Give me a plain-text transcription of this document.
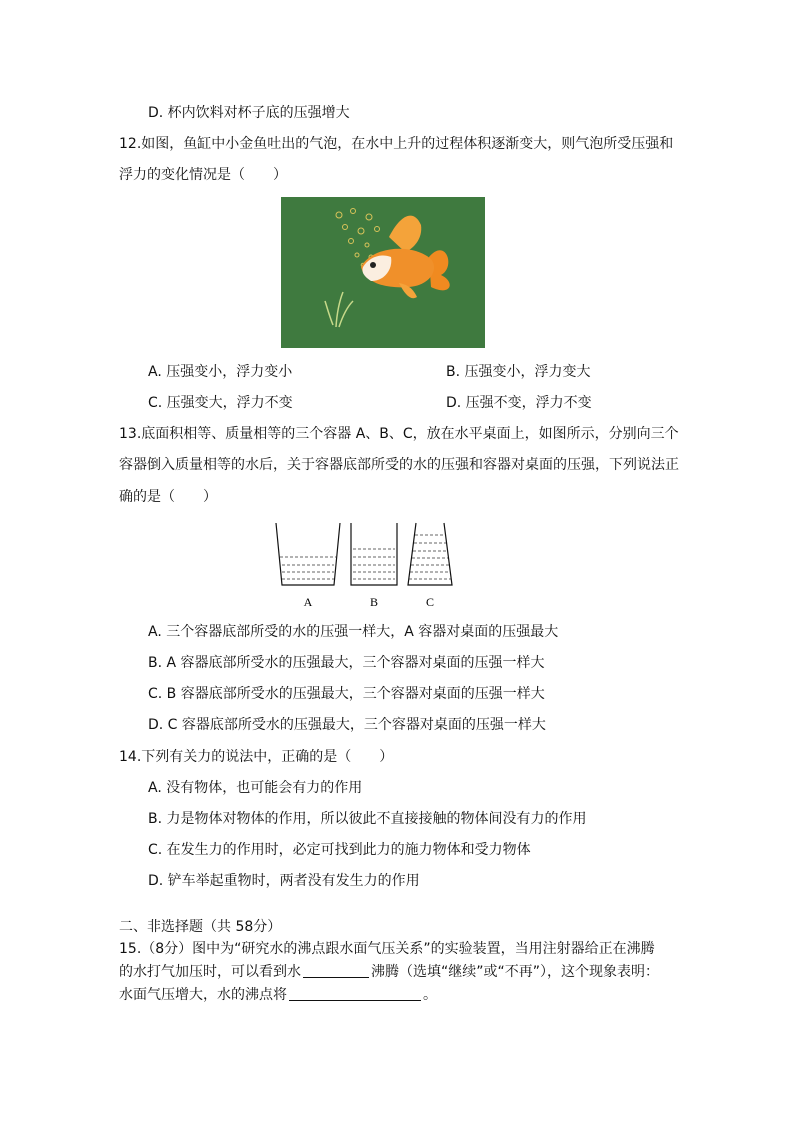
D. 杯内饮料对杯子底的压强增大
12.如图，鱼缸中小金鱼吐出的气泡，在水中上升的过程体积逐渐变大，则气泡所受压强和
浮力的变化情况是（　　）
A. 压强变小，浮力变小	B. 压强变小，浮力变大
C. 压强变大，浮力不变	D. 压强不变，浮力不变
13.底面积相等、质量相等的三个容器 A、B、C，放在水平桌面上，如图所示，分别向三个
容器倒入质量相等的水后，关于容器底部所受的水的压强和容器对桌面的压强，下列说法正
确的是（　　）
A	B	C
A. 三个容器底部所受的水的压强一样大，A 容器对桌面的压强最大
B. A 容器底部所受水的压强最大，三个容器对桌面的压强一样大
C. B 容器底部所受水的压强最大，三个容器对桌面的压强一样大
D. C 容器底部所受水的压强最大，三个容器对桌面的压强一样大
14.下列有关力的说法中，正确的是（　　）
A. 没有物体，也可能会有力的作用
B. 力是物体对物体的作用，所以彼此不直接接触的物体间没有力的作用
C. 在发生力的作用时，必定可找到此力的施力物体和受力物体
D. 铲车举起重物时，两者没有发生力的作用
二、非选择题（共 58分）
15.（8分）图中为“研究水的沸点跟水面气压关系”的实验装置，当用注射器给正在沸腾
的水打气加压时，可以看到水	沸腾（选填“继续”或“不再”），这个现象表明：
水面气压增大，水的沸点将	。
